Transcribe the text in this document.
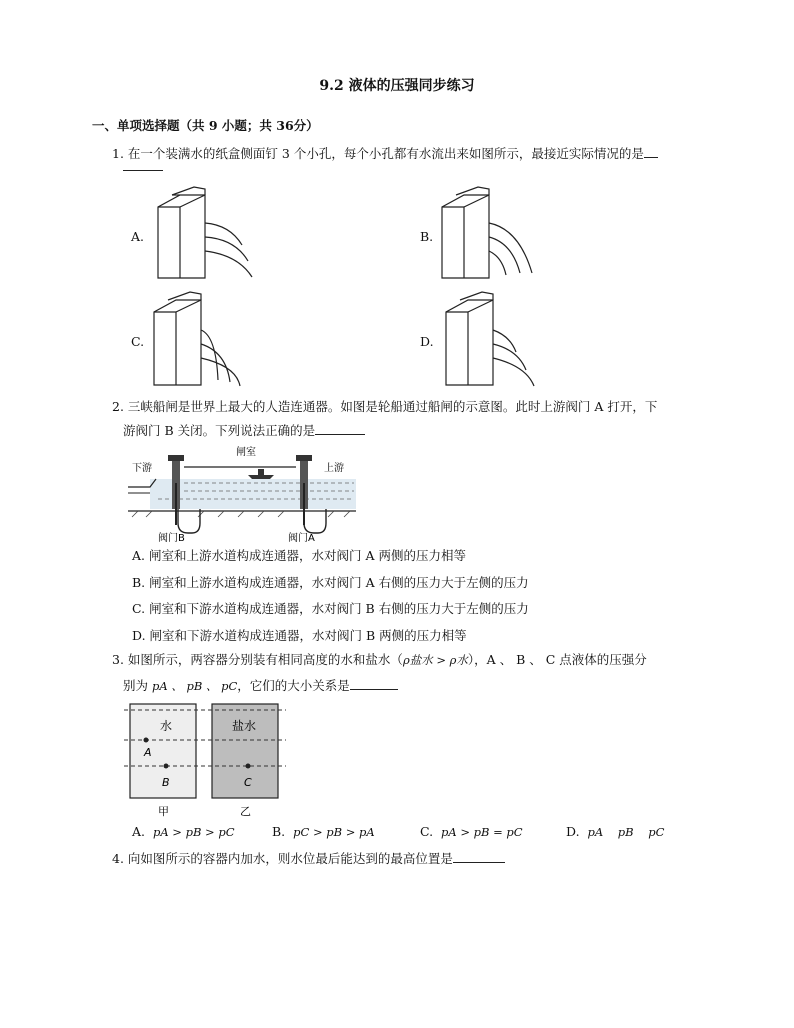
9.2 液体的压强同步练习
一、单项选择题（共 9 小题；共 36分）
1. 在一个装满水的纸盒侧面钉 3 个小孔，每个小孔都有水流出来如图所示，最接近实际情况的是
A.	B.
C.	D.
2. 三峡船闸是世界上最大的人造连通器。如图是轮船通过船闸的示意图。此时上游阀门 A 打开，下
游阀门 B 关闭。下列说法正确的是
下游
闸室
上游
阀门B	阀门A
A. 闸室和上游水道构成连通器，水对阀门 A 两侧的压力相等
B. 闸室和上游水道构成连通器，水对阀门 A 右侧的压力大于左侧的压力
C. 闸室和下游水道构成连通器，水对阀门 B 右侧的压力大于左侧的压力
D. 闸室和下游水道构成连通器，水对阀门 B 两侧的压力相等
3. 如图所示，两容器分别装有相同高度的水和盐水（ρ盐水 > ρ水），A 、 B 、 C 点液体的压强分
别为 pA 、 pB 、 pC，它们的大小关系是
水	盐水
A
B	C
甲	乙
A. pA > pB > pC	B. pC > pB > pA	C. pA > pB = pC	D. pA    pB    pC
4. 向如图所示的容器内加水，则水位最后能达到的最高位置是
